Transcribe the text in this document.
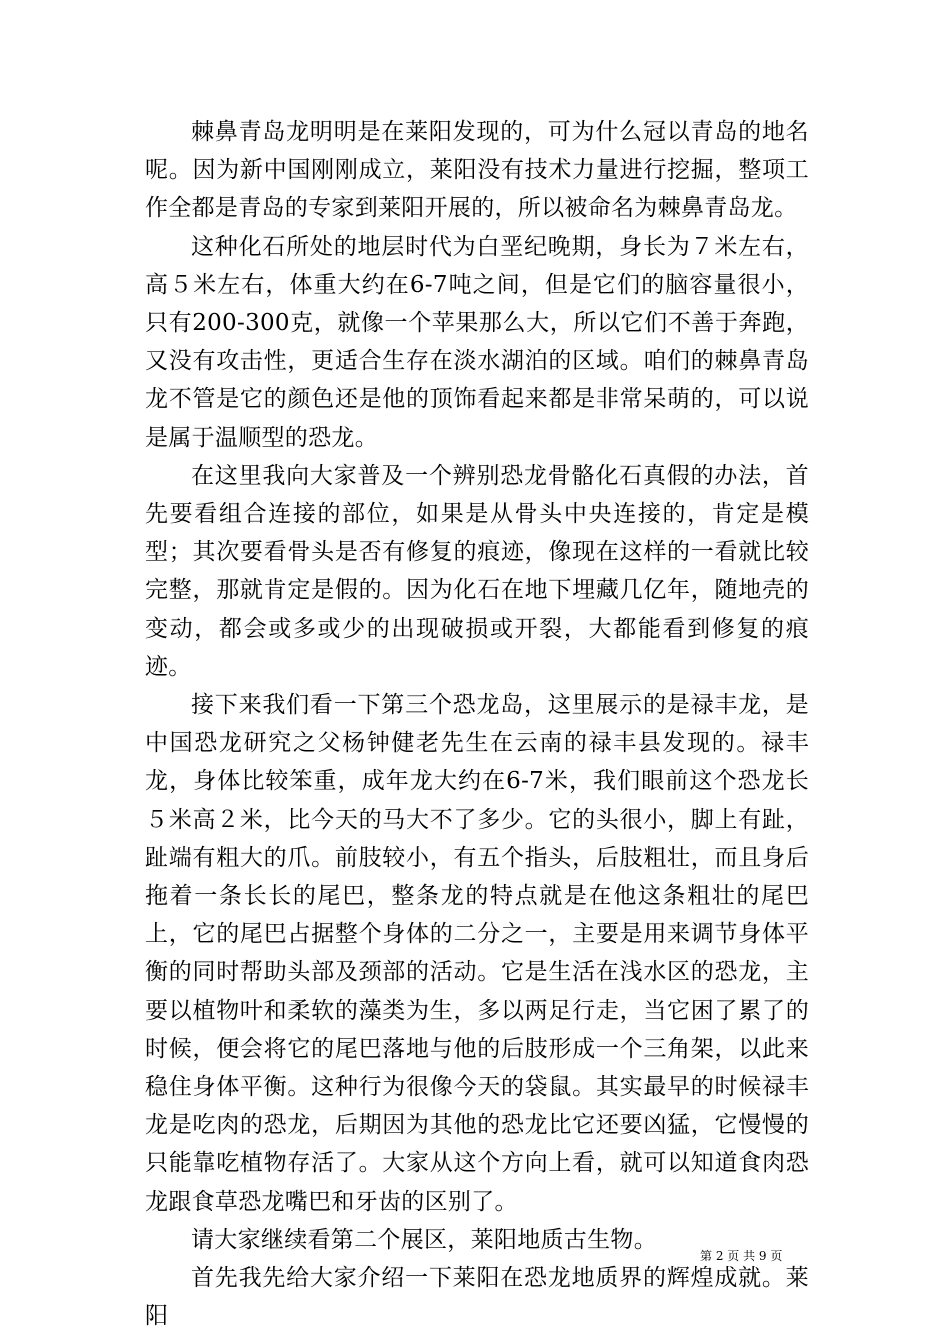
棘鼻青岛龙明明是在莱阳发现的，可为什么冠以青岛的地名呢。因为新中国刚刚成立，莱阳没有技术力量进行挖掘，整项工作全都是青岛的专家到莱阳开展的，所以被命名为棘鼻青岛龙。

这种化石所处的地层时代为白垩纪晚期，身长为７米左右，高５米左右，体重大约在6-7吨之间，但是它们的脑容量很小，只有200-300克，就像一个苹果那么大，所以它们不善于奔跑，又没有攻击性，更适合生存在淡水湖泊的区域。咱们的棘鼻青岛龙不管是它的颜色还是他的顶饰看起来都是非常呆萌的，可以说是属于温顺型的恐龙。

在这里我向大家普及一个辨别恐龙骨骼化石真假的办法，首先要看组合连接的部位，如果是从骨头中央连接的，肯定是模型；其次要看骨头是否有修复的痕迹，像现在这样的一看就比较完整，那就肯定是假的。因为化石在地下埋藏几亿年，随地壳的变动，都会或多或少的出现破损或开裂，大都能看到修复的痕迹。

接下来我们看一下第三个恐龙岛，这里展示的是禄丰龙，是中国恐龙研究之父杨钟健老先生在云南的禄丰县发现的。禄丰龙，身体比较笨重，成年龙大约在6-7米，我们眼前这个恐龙长５米高２米，比今天的马大不了多少。它的头很小，脚上有趾，趾端有粗大的爪。前肢较小，有五个指头，后肢粗壮，而且身后拖着一条长长的尾巴，整条龙的特点就是在他这条粗壮的尾巴上，它的尾巴占据整个身体的二分之一，主要是用来调节身体平衡的同时帮助头部及颈部的活动。它是生活在浅水区的恐龙，主要以植物叶和柔软的藻类为生，多以两足行走，当它困了累了的时候，便会将它的尾巴落地与他的后肢形成一个三角架，以此来稳住身体平衡。这种行为很像今天的袋鼠。其实最早的时候禄丰龙是吃肉的恐龙，后期因为其他的恐龙比它还要凶猛，它慢慢的只能靠吃植物存活了。大家从这个方向上看，就可以知道食肉恐龙跟食草恐龙嘴巴和牙齿的区别了。

请大家继续看第二个展区，莱阳地质古生物。

首先我先给大家介绍一下莱阳在恐龙地质界的辉煌成就。莱阳

第 2 页 共 9 页
